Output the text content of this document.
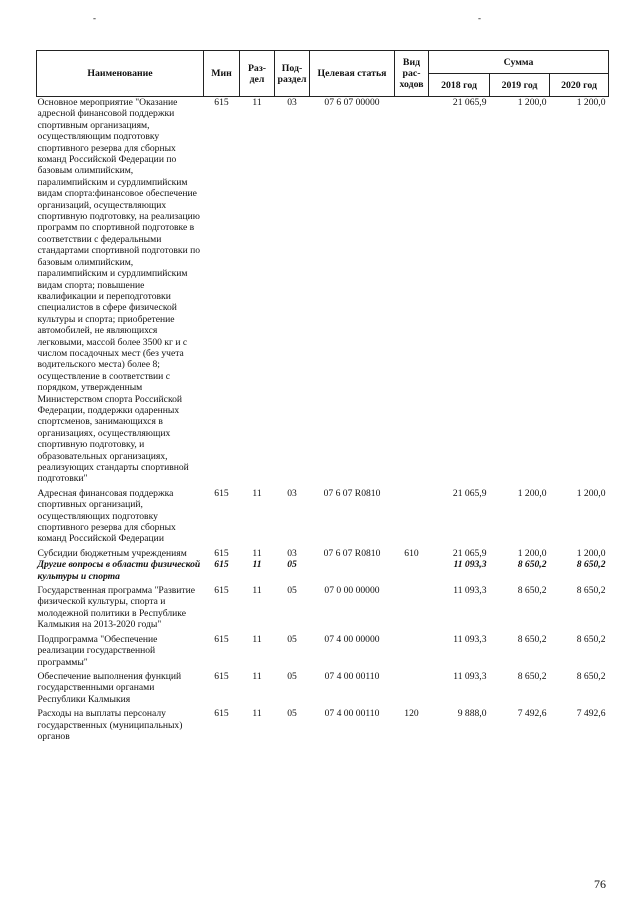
-	-
Наименование	Мин	Раз-дел	Под-раздел	Целевая статья	Вид рас-ходов	Сумма		
						2018 год	2019 год	2020 год
Основное мероприятие "Оказание адресной финансовой поддержки спортивным организациям, осуществляющим подготовку спортивного резерва для сборных команд Российской Федерации по базовым олимпийским, паралимпийским и сурдлимпийским видам спорта:финансовое обеспечение организаций, осуществляющих спортивную подготовку, на реализацию программ по спортивной подготовке в соответствии с федеральными стандартами спортивной подготовки по базовым олимпийским, паралимпийским и сурдлимпийским видам спорта; повышение квалификации и переподготовки специалистов в сфере физической культуры и спорта; приобретение автомобилей, не являющихся легковыми, массой более 3500 кг и с числом посадочных мест (без учета водительского места) более 8; осуществление в соответствии с порядком, утвержденным Министерством спорта Российской Федерации, поддержки одаренных спортсменов, занимающихся в организациях, осуществляющих спортивную подготовку, и образовательных организациях, реализующих стандарты спортивной подготовки"	615	11	03	07 6 07 00000		21 065,9	1 200,0	1 200,0
Адресная финансовая поддержка спортивных организаций, осуществляющих подготовку спортивного резерва для сборных команд Российской Федерации	615	11	03	07 6 07 R0810		21 065,9	1 200,0	1 200,0
Субсидии бюджетным учреждениям	615	11	03	07 6 07 R0810	610	21 065,9	1 200,0	1 200,0
Другие вопросы в области физической культуры и спорта	615	11	05			11 093,3	8 650,2	8 650,2
Государственная программа "Развитие физической культуры, спорта и молодежной политики в Республике Калмыкия на 2013-2020 годы"	615	11	05	07 0 00 00000		11 093,3	8 650,2	8 650,2
Подпрограмма "Обеспечение реализации государственной программы"	615	11	05	07 4 00 00000		11 093,3	8 650,2	8 650,2
Обеспечение выполнения функций государственными органами Республики Калмыкия	615	11	05	07 4 00 00110		11 093,3	8 650,2	8 650,2
Расходы на выплаты персоналу государственных (муниципальных) органов	615	11	05	07 4 00 00110	120	9 888,0	7 492,6	7 492,6
76
